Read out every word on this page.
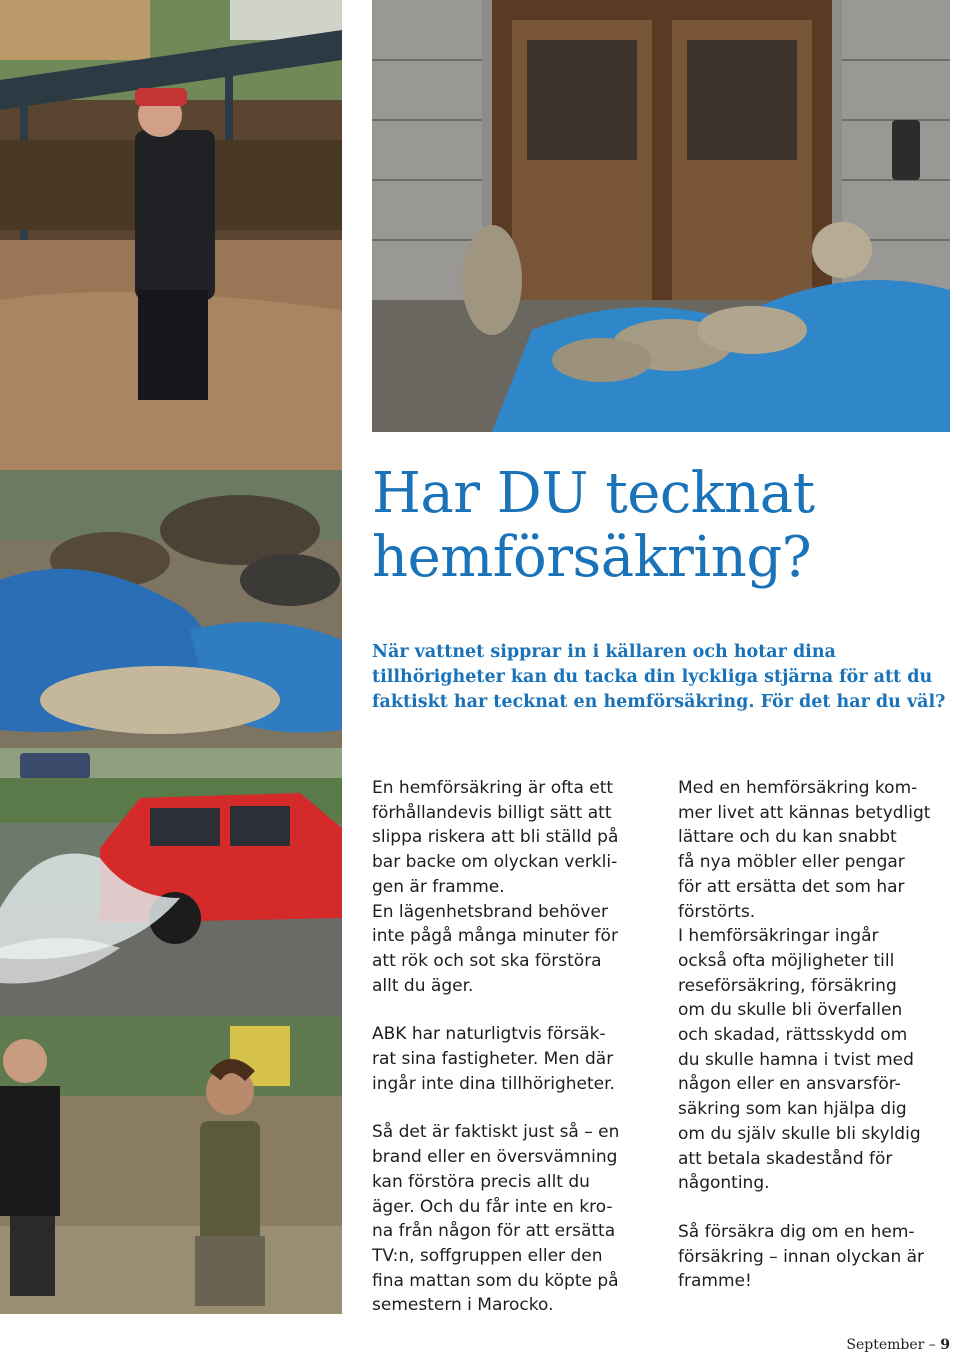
Har DU tecknat
hemförsäkring?

När vattnet sipprar in i källaren och hotar dina tillhörigheter kan du tacka din lyckliga stjärna för att du faktiskt har tecknat en hemförsäkring. För det har du väl?

En hemförsäkring är ofta ett
förhållandevis billigt sätt att
slippa riskera att bli ställd på
bar backe om olyckan verkli-
gen är framme.
En lägenhetsbrand behöver
inte pågå många minuter för
att rök och sot ska förstöra
allt du äger.

ABK har naturligtvis försäk-
rat sina fastigheter. Men där
ingår inte dina tillhörigheter.

Så det är faktiskt just så – en
brand eller en översvämning
kan förstöra precis allt du
äger. Och du får inte en kro-
na från någon för att ersätta
TV:n, soffgruppen eller den
fina mattan som du köpte på
semestern i Marocko.

Med en hemförsäkring kom-
mer livet att kännas betydligt
lättare och du kan snabbt
få nya möbler eller pengar
för att ersätta det som har
förstörts.
I hemförsäkringar ingår
också ofta möjligheter till
reseförsäkring, försäkring
om du skulle bli överfallen
och skadad, rättsskydd om
du skulle hamna i tvist med
någon eller en ansvarsför-
säkring som kan hjälpa dig
om du själv skulle bli skyldig
att betala skadestånd för
någonting.

Så försäkra dig om en hem-
försäkring – innan olyckan är
framme!

September – 9
